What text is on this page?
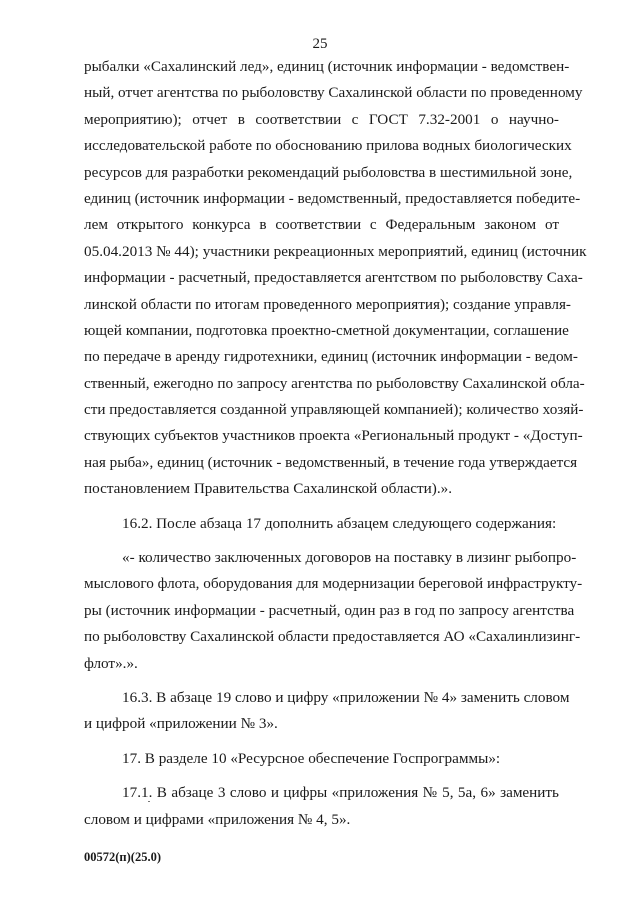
25
рыбалки «Сахалинский лед», единиц (источник информации - ведомствен-
ный, отчет агентства по рыболовству Сахалинской области по проведенному
мероприятию); отчет в соответствии с ГОСТ 7.32-2001 о научно-
исследовательской работе по обоснованию прилова водных биологических
ресурсов для разработки рекомендаций рыболовства в шестимильной зоне,
единиц (источник информации - ведомственный, предоставляется победите-
лем открытого конкурса в соответствии с Федеральным законом от
05.04.2013 № 44); участники рекреационных мероприятий, единиц (источник
информации - расчетный, предоставляется агентством по рыболовству Саха-
линской области по итогам проведенного мероприятия); создание управля-
ющей компании, подготовка проектно-сметной документации, соглашение
по передаче в аренду гидротехники, единиц (источник информации - ведом-
ственный, ежегодно по запросу агентства по рыболовству Сахалинской обла-
сти предоставляется созданной управляющей компанией); количество хозяй-
ствующих субъектов участников проекта «Региональный продукт - «Доступ-
ная рыба», единиц (источник - ведомственный, в течение года утверждается
постановлением Правительства Сахалинской области).».
16.2. После абзаца 17 дополнить абзацем следующего содержания:
«- количество заключенных договоров на поставку в лизинг рыбопро-
мыслового флота, оборудования для модернизации береговой инфраструкту-
ры (источник информации - расчетный, один раз в год по запросу агентства
по рыболовству Сахалинской области предоставляется АО «Сахалинлизинг-
флот».».
16.3. В абзаце 19 слово и цифру «приложении № 4» заменить словом
и цифрой «приложении № 3».
17. В разделе 10 «Ресурсное обеспечение Госпрограммы»:
17.1. В абзаце 3 слово и цифры «приложения № 5, 5а, 6» заменить
словом и цифрами «приложения № 4, 5».
00572(п)(25.0)
